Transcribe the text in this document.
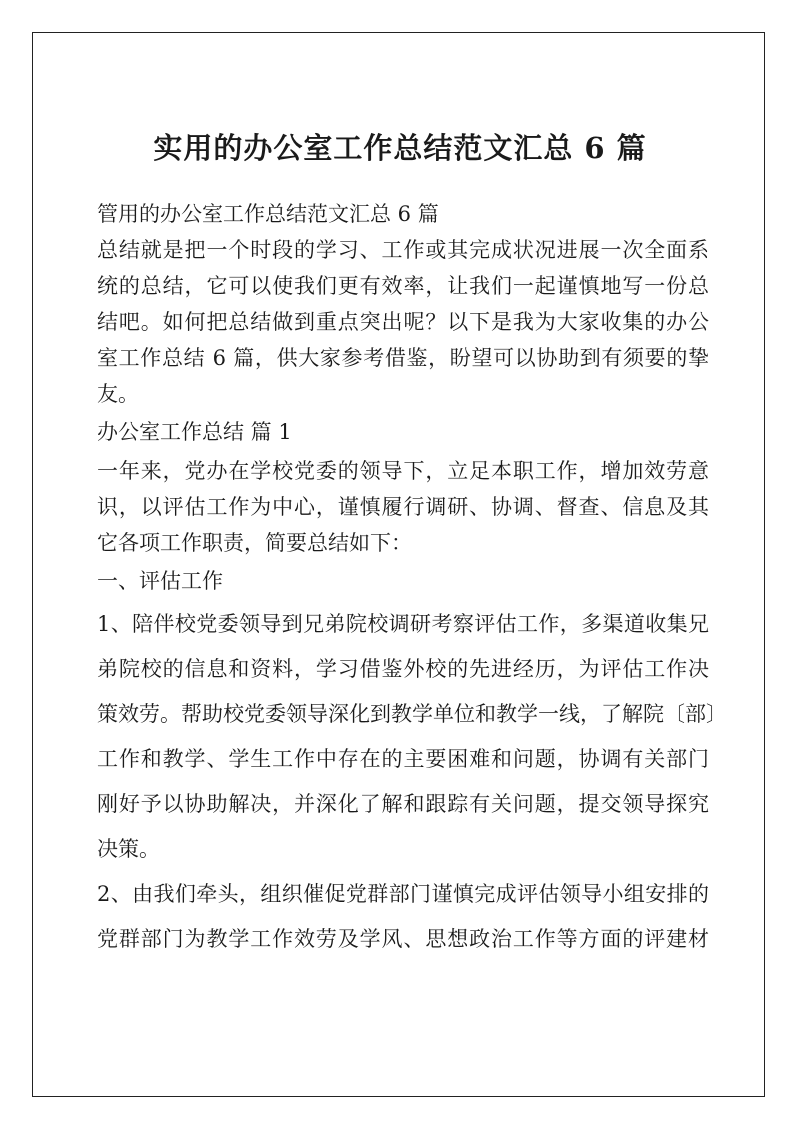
实用的办公室工作总结范文汇总 6 篇
管用的办公室工作总结范文汇总 6 篇
总结就是把一个时段的学习、工作或其完成状况进展一次全面系
统的总结，它可以使我们更有效率，让我们一起谨慎地写一份总
结吧。如何把总结做到重点突出呢？以下是我为大家收集的办公
室工作总结 6 篇，供大家参考借鉴，盼望可以协助到有须要的挚
友。
办公室工作总结 篇 1
一年来，党办在学校党委的领导下，立足本职工作，增加效劳意
识，以评估工作为中心，谨慎履行调研、协调、督查、信息及其
它各项工作职责，简要总结如下：
一、评估工作
1、陪伴校党委领导到兄弟院校调研考察评估工作，多渠道收集兄
弟院校的信息和资料，学习借鉴外校的先进经历，为评估工作决
策效劳。帮助校党委领导深化到教学单位和教学一线，了解院〔部〕
工作和教学、学生工作中存在的主要困难和问题，协调有关部门
刚好予以协助解决，并深化了解和跟踪有关问题，提交领导探究
决策。
2、由我们牵头，组织催促党群部门谨慎完成评估领导小组安排的
党群部门为教学工作效劳及学风、思想政治工作等方面的评建材
